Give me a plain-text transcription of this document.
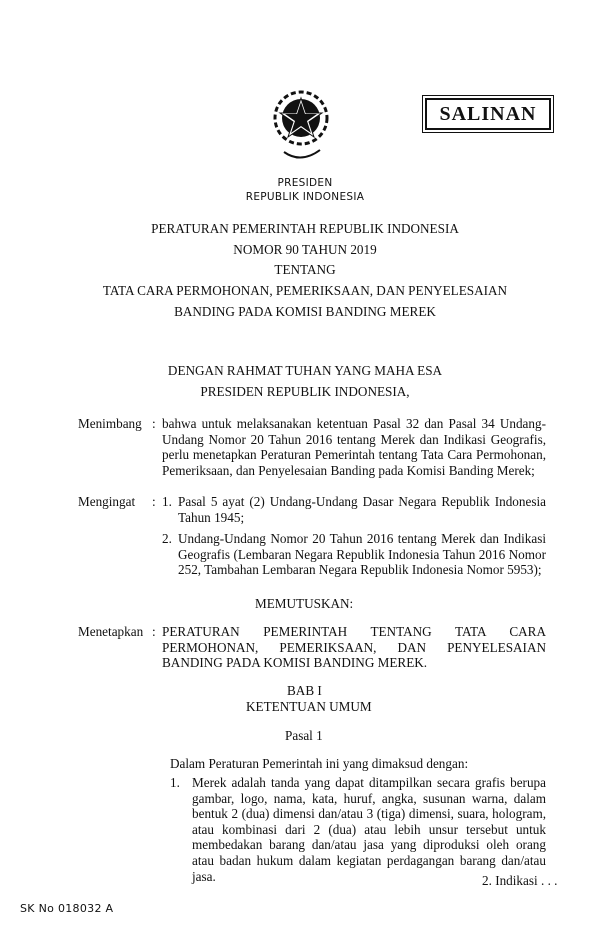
SALINAN
PRESIDEN
REPUBLIK INDONESIA
PERATURAN PEMERINTAH REPUBLIK INDONESIA
NOMOR 90 TAHUN 2019
TENTANG
TATA CARA PERMOHONAN, PEMERIKSAAN, DAN PENYELESAIAN
BANDING PADA KOMISI BANDING MEREK
DENGAN RAHMAT TUHAN YANG MAHA ESA
PRESIDEN REPUBLIK INDONESIA,
Menimbang : bahwa untuk melaksanakan ketentuan Pasal 32 dan Pasal 34 Undang-Undang Nomor 20 Tahun 2016 tentang Merek dan Indikasi Geografis, perlu menetapkan Peraturan Pemerintah tentang Tata Cara Permohonan, Pemeriksaan, dan Penyelesaian Banding pada Komisi Banding Merek;
Mengingat : 1. Pasal 5 ayat (2) Undang-Undang Dasar Negara Republik Indonesia Tahun 1945;
2. Undang-Undang Nomor 20 Tahun 2016 tentang Merek dan Indikasi Geografis (Lembaran Negara Republik Indonesia Tahun 2016 Nomor 252, Tambahan Lembaran Negara Republik Indonesia Nomor 5953);
MEMUTUSKAN:
Menetapkan : PERATURAN PEMERINTAH TENTANG TATA CARA PERMOHONAN, PEMERIKSAAN, DAN PENYELESAIAN BANDING PADA KOMISI BANDING MEREK.
BAB I
KETENTUAN UMUM
Pasal 1
Dalam Peraturan Pemerintah ini yang dimaksud dengan:
1. Merek adalah tanda yang dapat ditampilkan secara grafis berupa gambar, logo, nama, kata, huruf, angka, susunan warna, dalam bentuk 2 (dua) dimensi dan/atau 3 (tiga) dimensi, suara, hologram, atau kombinasi dari 2 (dua) atau lebih unsur tersebut untuk membedakan barang dan/atau jasa yang diproduksi oleh orang atau badan hukum dalam kegiatan perdagangan barang dan/atau jasa.	2. Indikasi . . .
SK No 018032 A
